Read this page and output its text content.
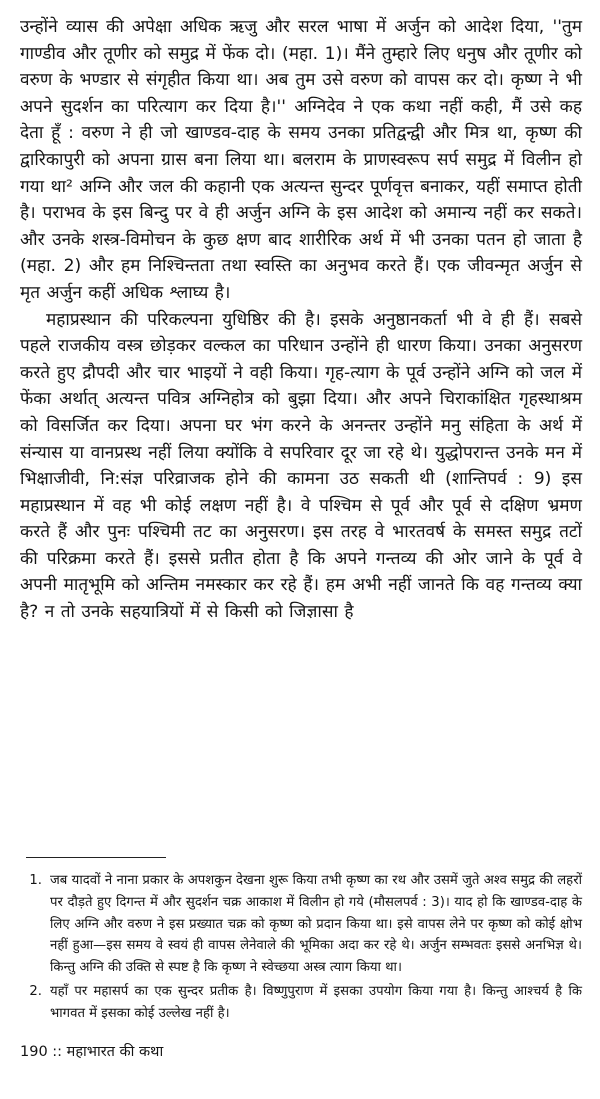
उन्होंने व्यास की अपेक्षा अधिक ऋजु और सरल भाषा में अर्जुन को आदेश दिया, ''तुम गाण्डीव और तूणीर को समुद्र में फेंक दो। (महा. 1)। मैंने तुम्हारे लिए धनुष और तूणीर को वरुण के भण्डार से संगृहीत किया था। अब तुम उसे वरुण को वापस कर दो। कृष्ण ने भी अपने सुदर्शन का परित्याग कर दिया है।'' अग्निदेव ने एक कथा नहीं कही, मैं उसे कह देता हूँ : वरुण ने ही जो खाण्डव-दाह के समय उनका प्रतिद्वन्द्वी और मित्र था, कृष्ण की द्वारिकापुरी को अपना ग्रास बना लिया था। बलराम के प्राणस्वरूप सर्प समुद्र में विलीन हो गया था² अग्नि और जल की कहानी एक अत्यन्त सुन्दर पूर्णवृत्त बनाकर, यहीं समाप्त होती है। पराभव के इस बिन्दु पर वे ही अर्जुन अग्नि के इस आदेश को अमान्य नहीं कर सकते। और उनके शस्त्र-विमोचन के कुछ क्षण बाद शारीरिक अर्थ में भी उनका पतन हो जाता है (महा. 2) और हम निश्चिन्तता तथा स्वस्ति का अनुभव करते हैं। एक जीवन्मृत अर्जुन से मृत अर्जुन कहीं अधिक श्लाघ्य है।

महाप्रस्थान की परिकल्पना युधिष्ठिर की है। इसके अनुष्ठानकर्ता भी वे ही हैं। सबसे पहले राजकीय वस्त्र छोड़कर वल्कल का परिधान उन्होंने ही धारण किया। उनका अनुसरण करते हुए द्रौपदी और चार भाइयों ने वही किया। गृह-त्याग के पूर्व उन्होंने अग्नि को जल में फेंका अर्थात् अत्यन्त पवित्र अग्निहोत्र को बुझा दिया। और अपने चिराकांक्षित गृहस्थाश्रम को विसर्जित कर दिया। अपना घर भंग करने के अनन्तर उन्होंने मनु संहिता के अर्थ में संन्यास या वानप्रस्थ नहीं लिया क्योंकि वे सपरिवार दूर जा रहे थे। युद्धोपरान्त उनके मन में भिक्षाजीवी, नि:संज्ञ परिव्राजक होने की कामना उठ सकती थी (शान्तिपर्व : 9) इस महाप्रस्थान में वह भी कोई लक्षण नहीं है। वे पश्चिम से पूर्व और पूर्व से दक्षिण भ्रमण करते हैं और पुनः पश्चिमी तट का अनुसरण। इस तरह वे भारतवर्ष के समस्त समुद्र तटों की परिक्रमा करते हैं। इससे प्रतीत होता है कि अपने गन्तव्य की ओर जाने के पूर्व वे अपनी मातृभूमि को अन्तिम नमस्कार कर रहे हैं। हम अभी नहीं जानते कि वह गन्तव्य क्या है? न तो उनके सहयात्रियों में से किसी को जिज्ञासा है

1. जब यादवों ने नाना प्रकार के अपशकुन देखना शुरू किया तभी कृष्ण का रथ और उसमें जुते अश्व समुद्र की लहरों पर दौड़ते हुए दिगन्त में और सुदर्शन चक्र आकाश में विलीन हो गये (मौसलपर्व : 3)। याद हो कि खाण्डव-दाह के लिए अग्नि और वरुण ने इस प्रख्यात चक्र को कृष्ण को प्रदान किया था। इसे वापस लेने पर कृष्ण को कोई क्षोभ नहीं हुआ—इस समय वे स्वयं ही वापस लेनेवाले की भूमिका अदा कर रहे थे। अर्जुन सम्भवतः इससे अनभिज्ञ थे। किन्तु अग्नि की उक्ति से स्पष्ट है कि कृष्ण ने स्वेच्छया अस्त्र त्याग किया था।
2. यहाँ पर महासर्प का एक सुन्दर प्रतीक है। विष्णुपुराण में इसका उपयोग किया गया है। किन्तु आश्चर्य है कि भागवत में इसका कोई उल्लेख नहीं है।

190 :: महाभारत की कथा
